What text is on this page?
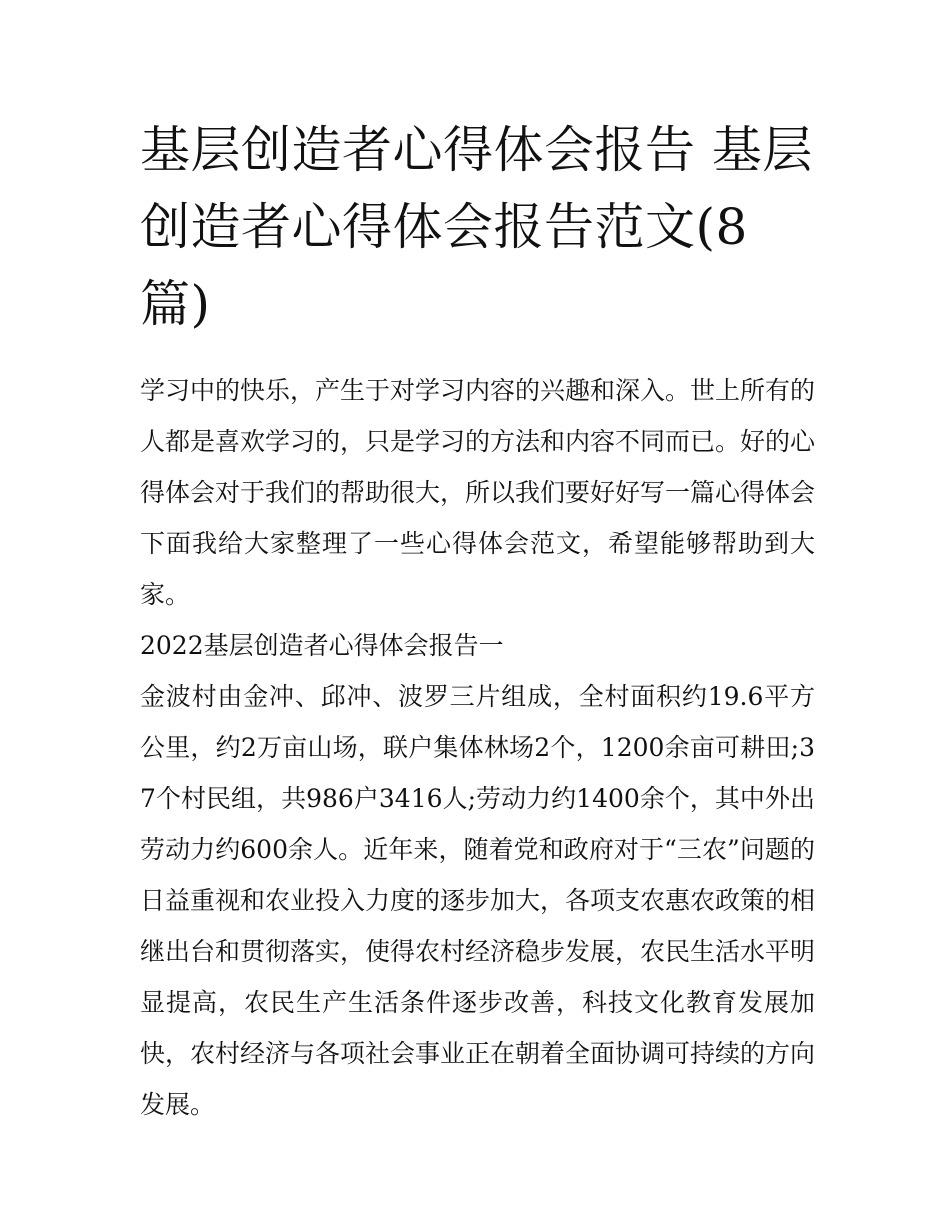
基层创造者心得体会报告 基层创造者心得体会报告范文(8篇)

学习中的快乐，产生于对学习内容的兴趣和深入。世上所有的人都是喜欢学习的，只是学习的方法和内容不同而已。好的心得体会对于我们的帮助很大，所以我们要好好写一篇心得体会下面我给大家整理了一些心得体会范文，希望能够帮助到大家。

2022基层创造者心得体会报告一

金波村由金冲、邱冲、波罗三片组成，全村面积约19.6平方公里，约2万亩山场，联户集体林场2个，1200余亩可耕田;37个村民组，共986户3416人;劳动力约1400余个，其中外出劳动力约600余人。近年来，随着党和政府对于“三农”问题的日益重视和农业投入力度的逐步加大，各项支农惠农政策的相继出台和贯彻落实，使得农村经济稳步发展，农民生活水平明显提高，农民生产生活条件逐步改善，科技文化教育发展加快，农村经济与各项社会事业正在朝着全面协调可持续的方向发展。
